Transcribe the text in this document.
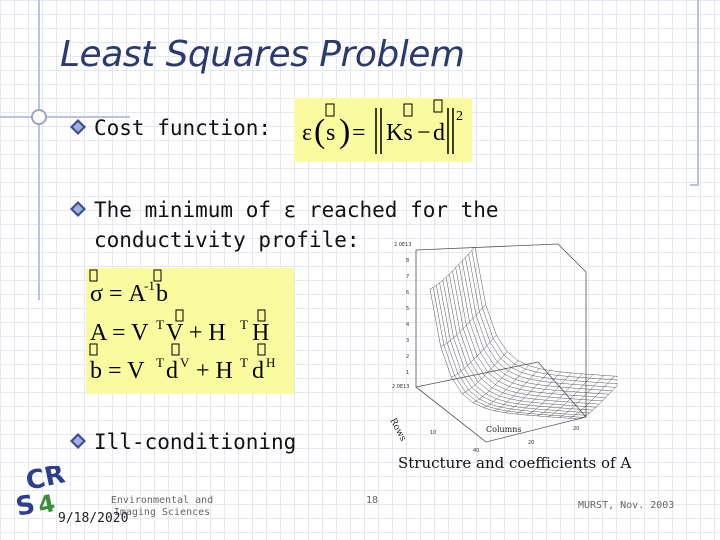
Least Squares Problem
Cost function: ε ( s ) = Ks − d
2
The minimum of ε reached for the conductivity profile:
σ = A
-1 b
A = V T V + H T H
b = V T d V + H T d H
2.0E13
8
7
6
5
4
3
2
1
2.0E13
10
40
20
20
Rows	Columns
Structure and coefficients of A
Ill-conditioning
CR
S
4	Environmental and Imaging Sciences
9/18/2020
18	MURST, Nov. 2003
